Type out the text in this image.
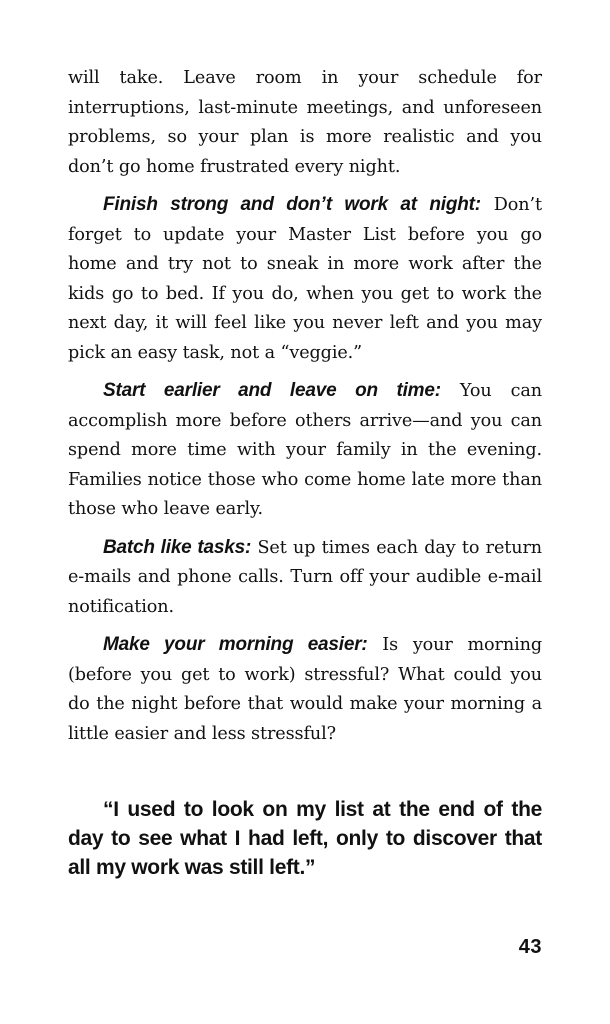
will take. Leave room in your schedule for interruptions, last-minute meetings, and unforeseen problems, so your plan is more realistic and you don’t go home frustrated every night.

Finish strong and don’t work at night: Don’t forget to update your Master List before you go home and try not to sneak in more work after the kids go to bed. If you do, when you get to work the next day, it will feel like you never left and you may pick an easy task, not a “veggie.”

Start earlier and leave on time: You can accomplish more before others arrive—and you can spend more time with your family in the evening. Families notice those who come home late more than those who leave early.

Batch like tasks: Set up times each day to return e-mails and phone calls. Turn off your audible e-mail notification.

Make your morning easier: Is your morning (before you get to work) stressful? What could you do the night before that would make your morning a little easier and less stressful?

“I used to look on my list at the end of the day to see what I had left, only to discover that all my work was still left.”

43
